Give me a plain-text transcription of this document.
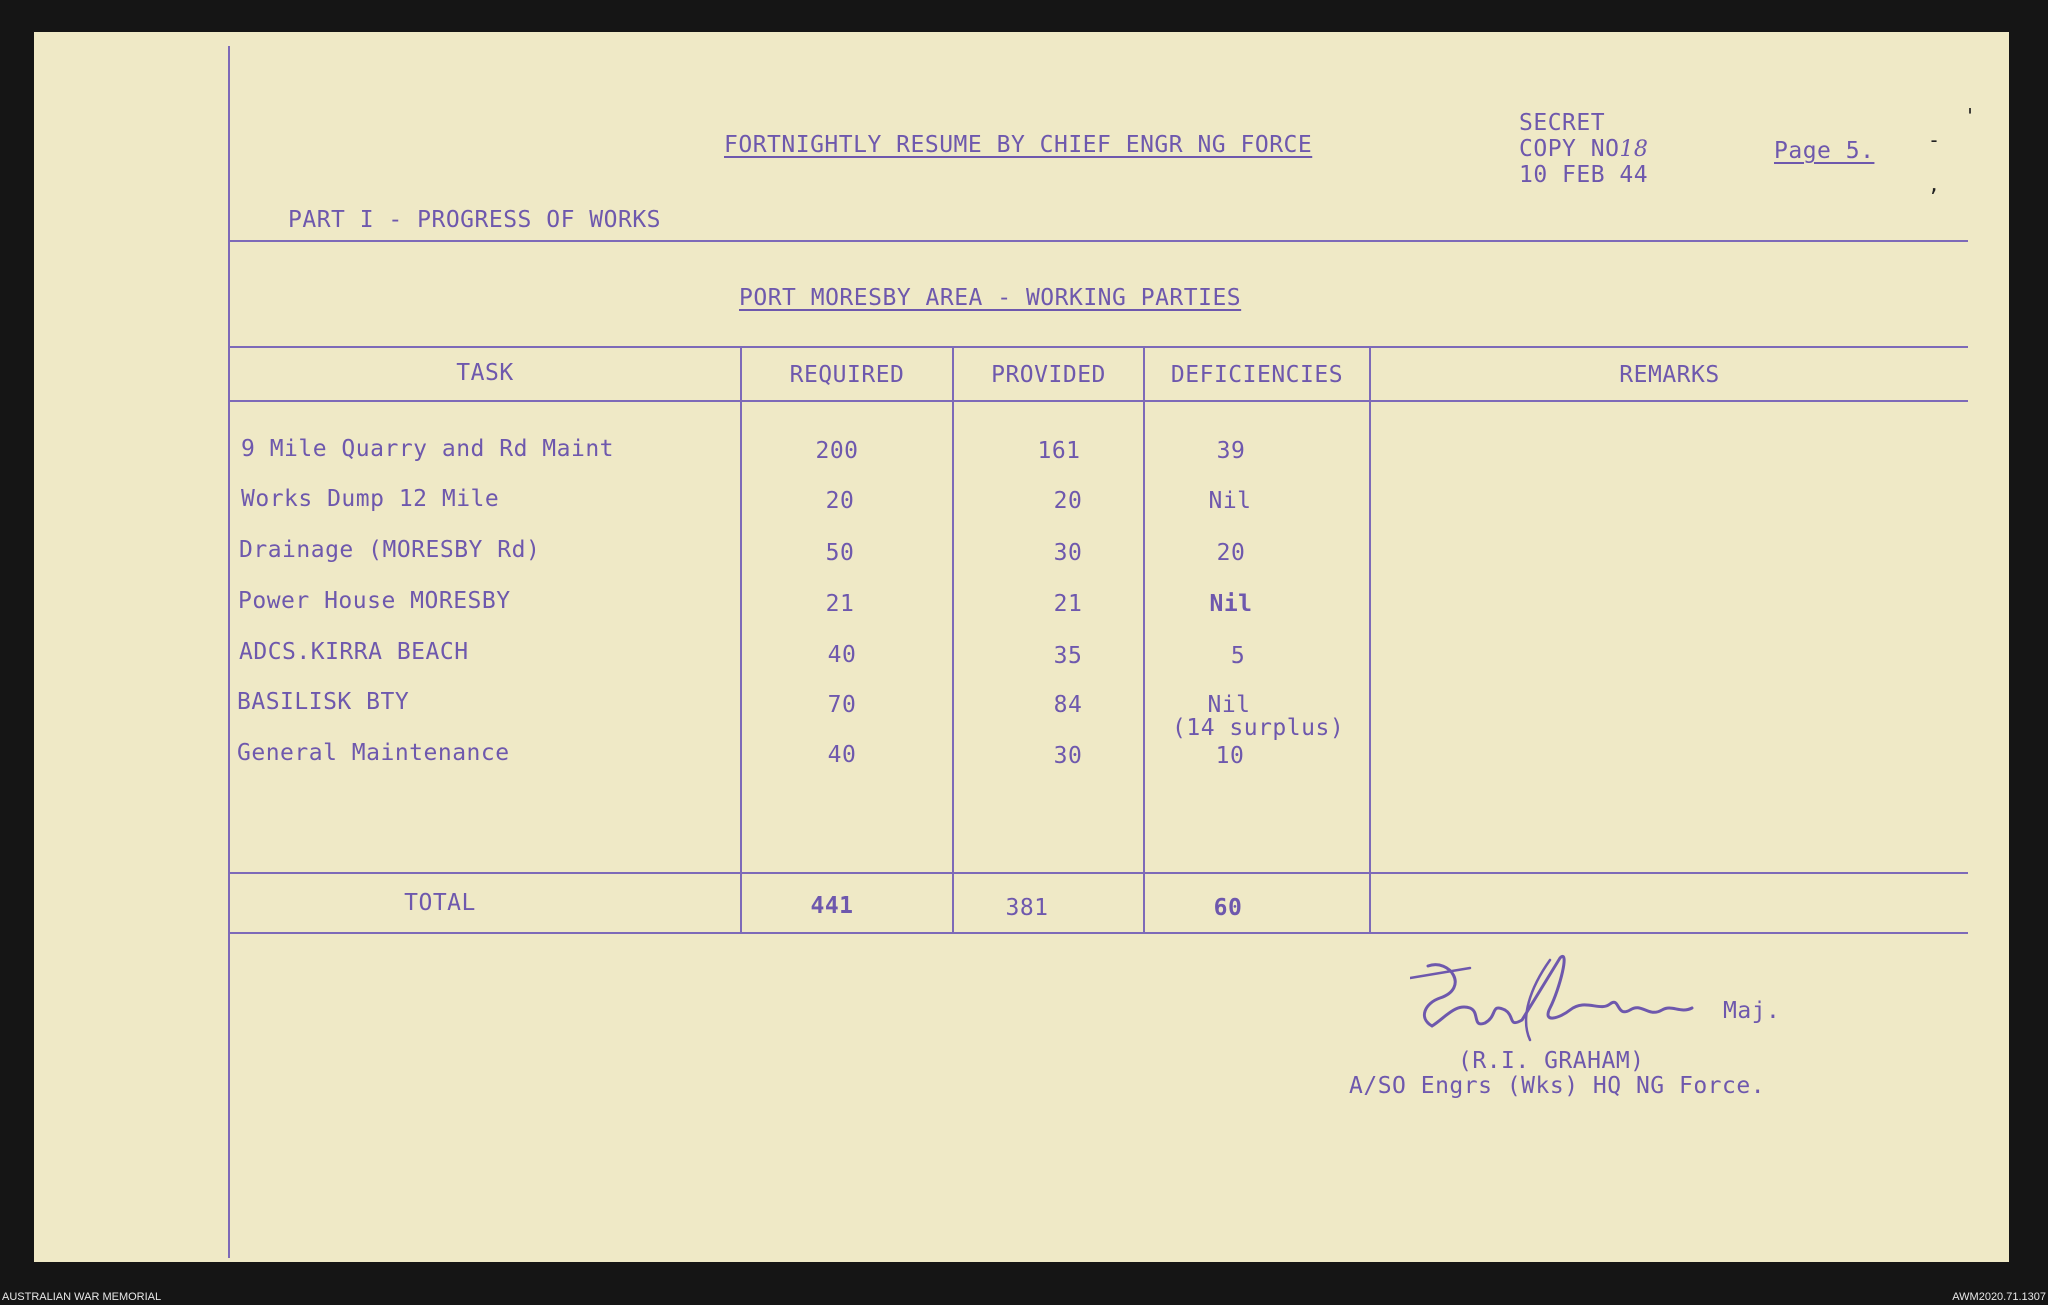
FORTNIGHTLY RESUME BY CHIEF ENGR NG FORCE
SECRET
COPY NO18
10 FEB 44
Page 5.
PART I - PROGRESS OF WORKS
PORT MORESBY AREA - WORKING PARTIES
TASK	REQUIRED	PROVIDED	DEFICIENCIES	REMARKS
9 Mile Quarry and Rd Maint	200	161	39
Works Dump 12 Mile	20	20	Nil
Drainage (MORESBY Rd)	50	30	20
Power House MORESBY	21	21	Nil
ADCS.KIRRA BEACH	40	35	5
BASILISK BTY	70	84	Nil
(14 surplus)
General Maintenance	40	30	10
TOTAL	441	381	60
Maj.
(R.I. GRAHAM)
A/SO Engrs (Wks) HQ NG Force.
'
-
,
AUSTRALIAN WAR MEMORIAL	AWM2020.71.1307
